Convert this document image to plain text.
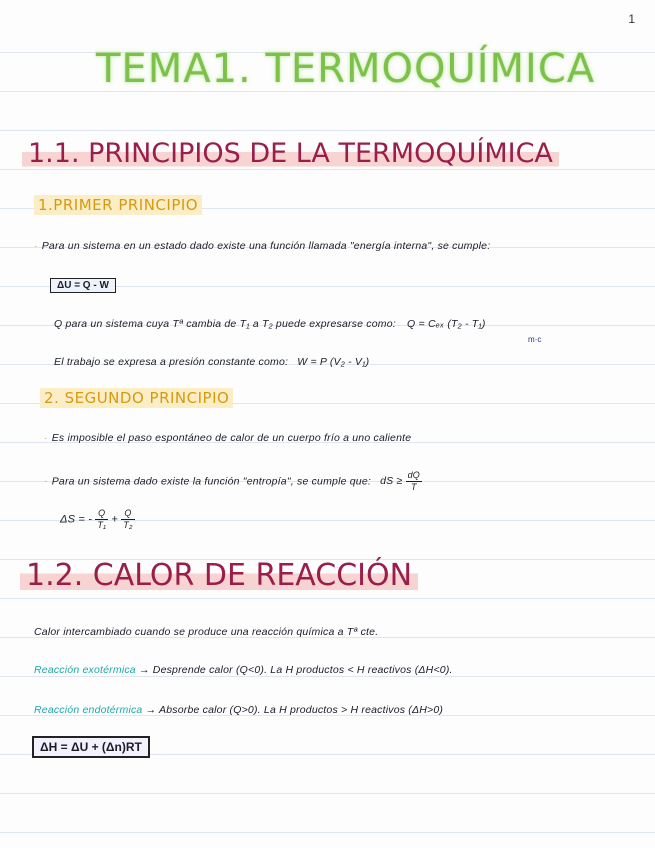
1
TEMA1. TERMOQUÍMICA
1.1. PRINCIPIOS DE LA TERMOQUÍMICA
1.PRIMER PRINCIPIO
· Para un sistema en un estado dado existe una función llamada "energía interna", se cumple:
ΔU = Q - W
Q para un sistema cuya Tª cambia de T₁ a T₂ puede expresarse como: Q = Cₑₓ (T₂ - T₁)
m·c
El trabajo se expresa a presión constante como: W = P (V₂ - V₁)
2. SEGUNDO PRINCIPIO
· Es imposible el paso espontáneo de calor de un cuerpo frío a uno caliente
· Para un sistema dado existe la función "entropía", se cumple que: dS ≥ $\frac{dQ}{T}$
ΔS = - $\frac{Q}{\text{T₁}} + \frac{Q}{\text{T₂}}$
1.2. CALOR DE REACCIÓN
Calor intercambiado cuando se produce una reacción química a Tª cte.
Reacción exotérmica → Desprende calor (Q<0). La H productos < H reactivos (ΔH<0).
Reacción endotérmica → Absorbe calor (Q>0). La H productos > H reactivos (ΔH>0)
ΔH = ΔU + (Δn)RT
